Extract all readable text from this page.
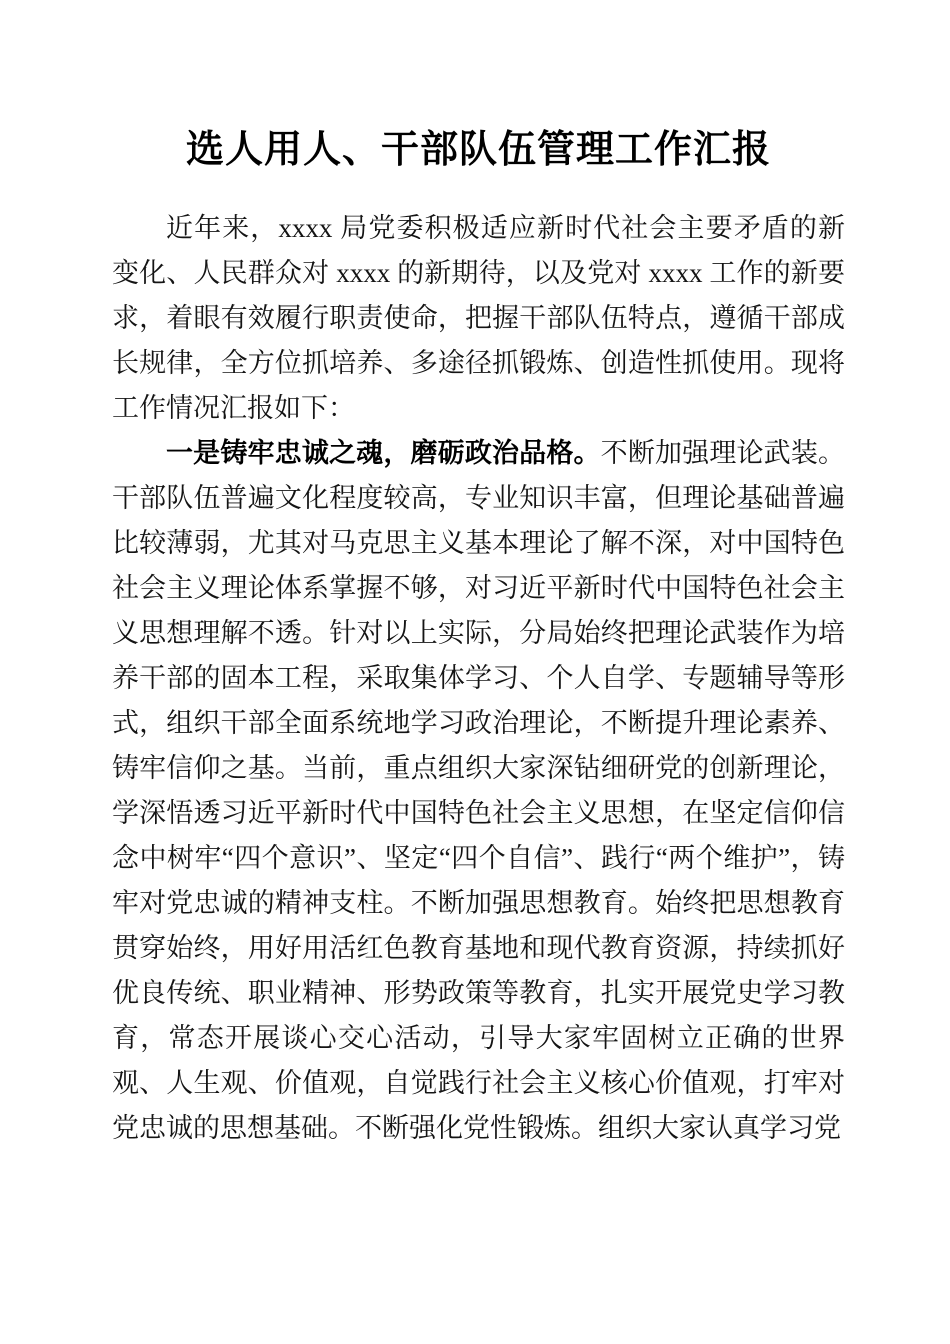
选人用人、干部队伍管理工作汇报

近年来，xxxx 局党委积极适应新时代社会主要矛盾的新变化、人民群众对 xxxx 的新期待，以及党对 xxxx 工作的新要求，着眼有效履行职责使命，把握干部队伍特点，遵循干部成长规律，全方位抓培养、多途径抓锻炼、创造性抓使用。现将工作情况汇报如下：

一是铸牢忠诚之魂，磨砺政治品格。不断加强理论武装。干部队伍普遍文化程度较高，专业知识丰富，但理论基础普遍比较薄弱，尤其对马克思主义基本理论了解不深，对中国特色社会主义理论体系掌握不够，对习近平新时代中国特色社会主义思想理解不透。针对以上实际，分局始终把理论武装作为培养干部的固本工程，采取集体学习、个人自学、专题辅导等形式，组织干部全面系统地学习政治理论，不断提升理论素养、铸牢信仰之基。当前，重点组织大家深钻细研党的创新理论，学深悟透习近平新时代中国特色社会主义思想，在坚定信仰信念中树牢“四个意识”、坚定“四个自信”、践行“两个维护”，铸牢对党忠诚的精神支柱。不断加强思想教育。始终把思想教育贯穿始终，用好用活红色教育基地和现代教育资源，持续抓好优良传统、职业精神、形势政策等教育，扎实开展党史学习教育，常态开展谈心交心活动，引导大家牢固树立正确的世界观、人生观、价值观，自觉践行社会主义核心价值观，打牢对党忠诚的思想基础。不断强化党性锻炼。组织大家认真学习党
